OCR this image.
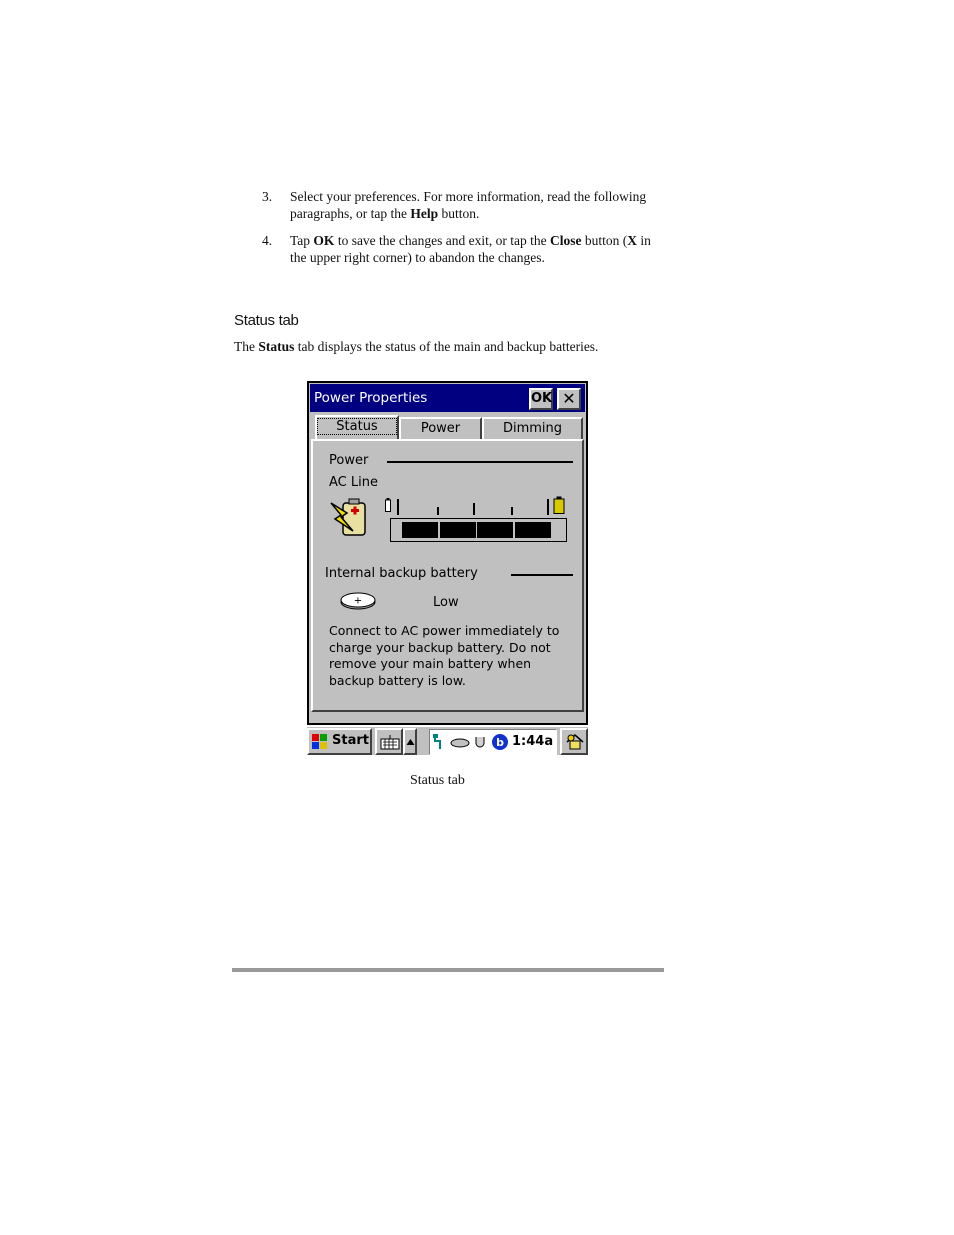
3. Select your preferences. For more information, read the following paragraphs, or tap the Help button.
4. Tap OK to save the changes and exit, or tap the Close button (X in the upper right corner) to abandon the changes.
Status tab
The Status tab displays the status of the main and backup batteries.
Power Properties	OK ✕
Status	Power	Dimming
Power
AC Line
Internal backup battery
+	Low
Connect to AC power immediately to charge your backup battery. Do not remove your main battery when backup battery is low.
Start	b 1:44a
Status tab
